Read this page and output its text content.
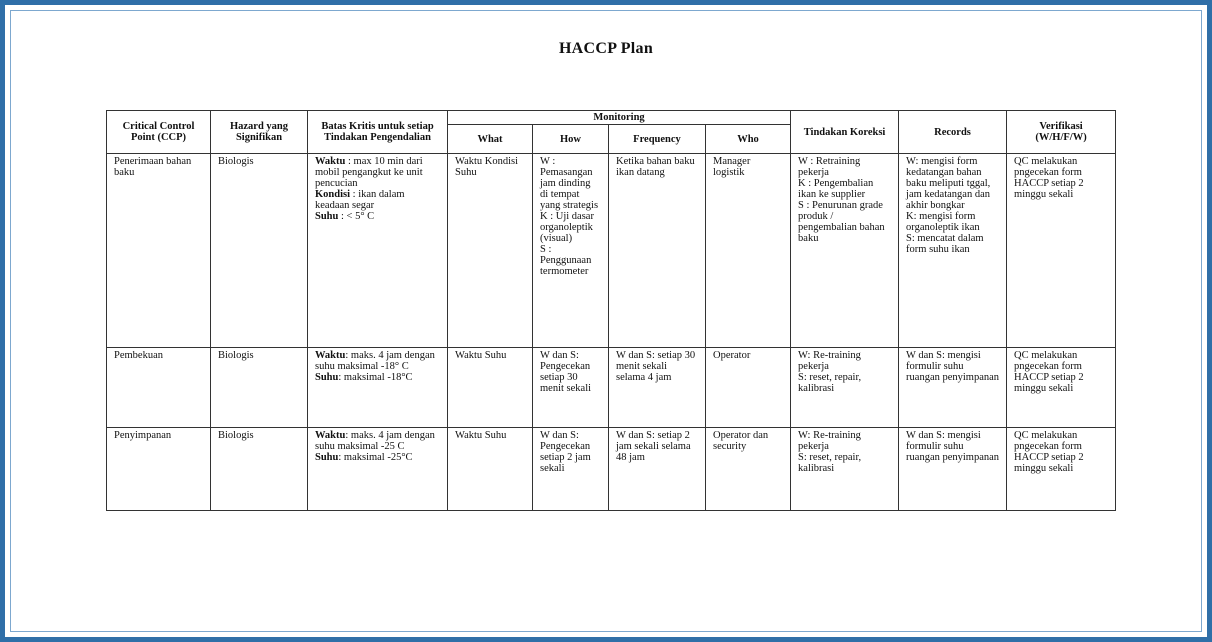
HACCP Plan
Critical Control Point (CCP)	Hazard yang Signifikan	Batas Kritis untuk setiap Tindakan Pengendalian	Monitoring				Tindakan Koreksi	Records	Verifikasi (W/H/F/W)
			What	How	Frequency	Who			
Penerimaan bahan baku	Biologis	Waktu : max 10 min dari mobil pengangkut ke unit pencucian
Kondisi : ikan dalam keadaan segar
Suhu : < 5° C	Waktu Kondisi Suhu	W : Pemasangan jam dinding di tempat yang strategis
K : Uji dasar organoleptik (visual)
S : Penggunaan termometer	Ketika bahan baku ikan datang	Manager logistik	W : Retraining pekerja
K : Pengembalian ikan ke supplier
S : Penurunan grade produk / pengembalian bahan baku	W: mengisi form kedatangan bahan baku meliputi tggal, jam kedatangan dan akhir bongkar
K: mengisi form organoleptik ikan
S: mencatat dalam form suhu ikan	QC melakukan pngecekan form HACCP setiap 2 minggu sekali
Pembekuan	Biologis	Waktu: maks. 4 jam dengan suhu maksimal -18° C
Suhu: maksimal -18°C	Waktu Suhu	W dan S: Pengecekan setiap 30 menit sekali	W dan S: setiap 30 menit sekali selama 4 jam	Operator	W: Re-training pekerja
S: reset, repair, kalibrasi	W dan S: mengisi formulir suhu ruangan penyimpanan	QC melakukan pngecekan form HACCP setiap 2 minggu sekali
Penyimpanan	Biologis	Waktu: maks. 4 jam dengan suhu maksimal -25 C
Suhu: maksimal -25°C	Waktu Suhu	W dan S: Pengecekan setiap 2 jam sekali	W dan S: setiap 2 jam sekali selama 48 jam	Operator dan security	W: Re-training pekerja
S: reset, repair, kalibrasi	W dan S: mengisi formulir suhu ruangan penyimpanan	QC melakukan pngecekan form HACCP setiap 2 minggu sekali
